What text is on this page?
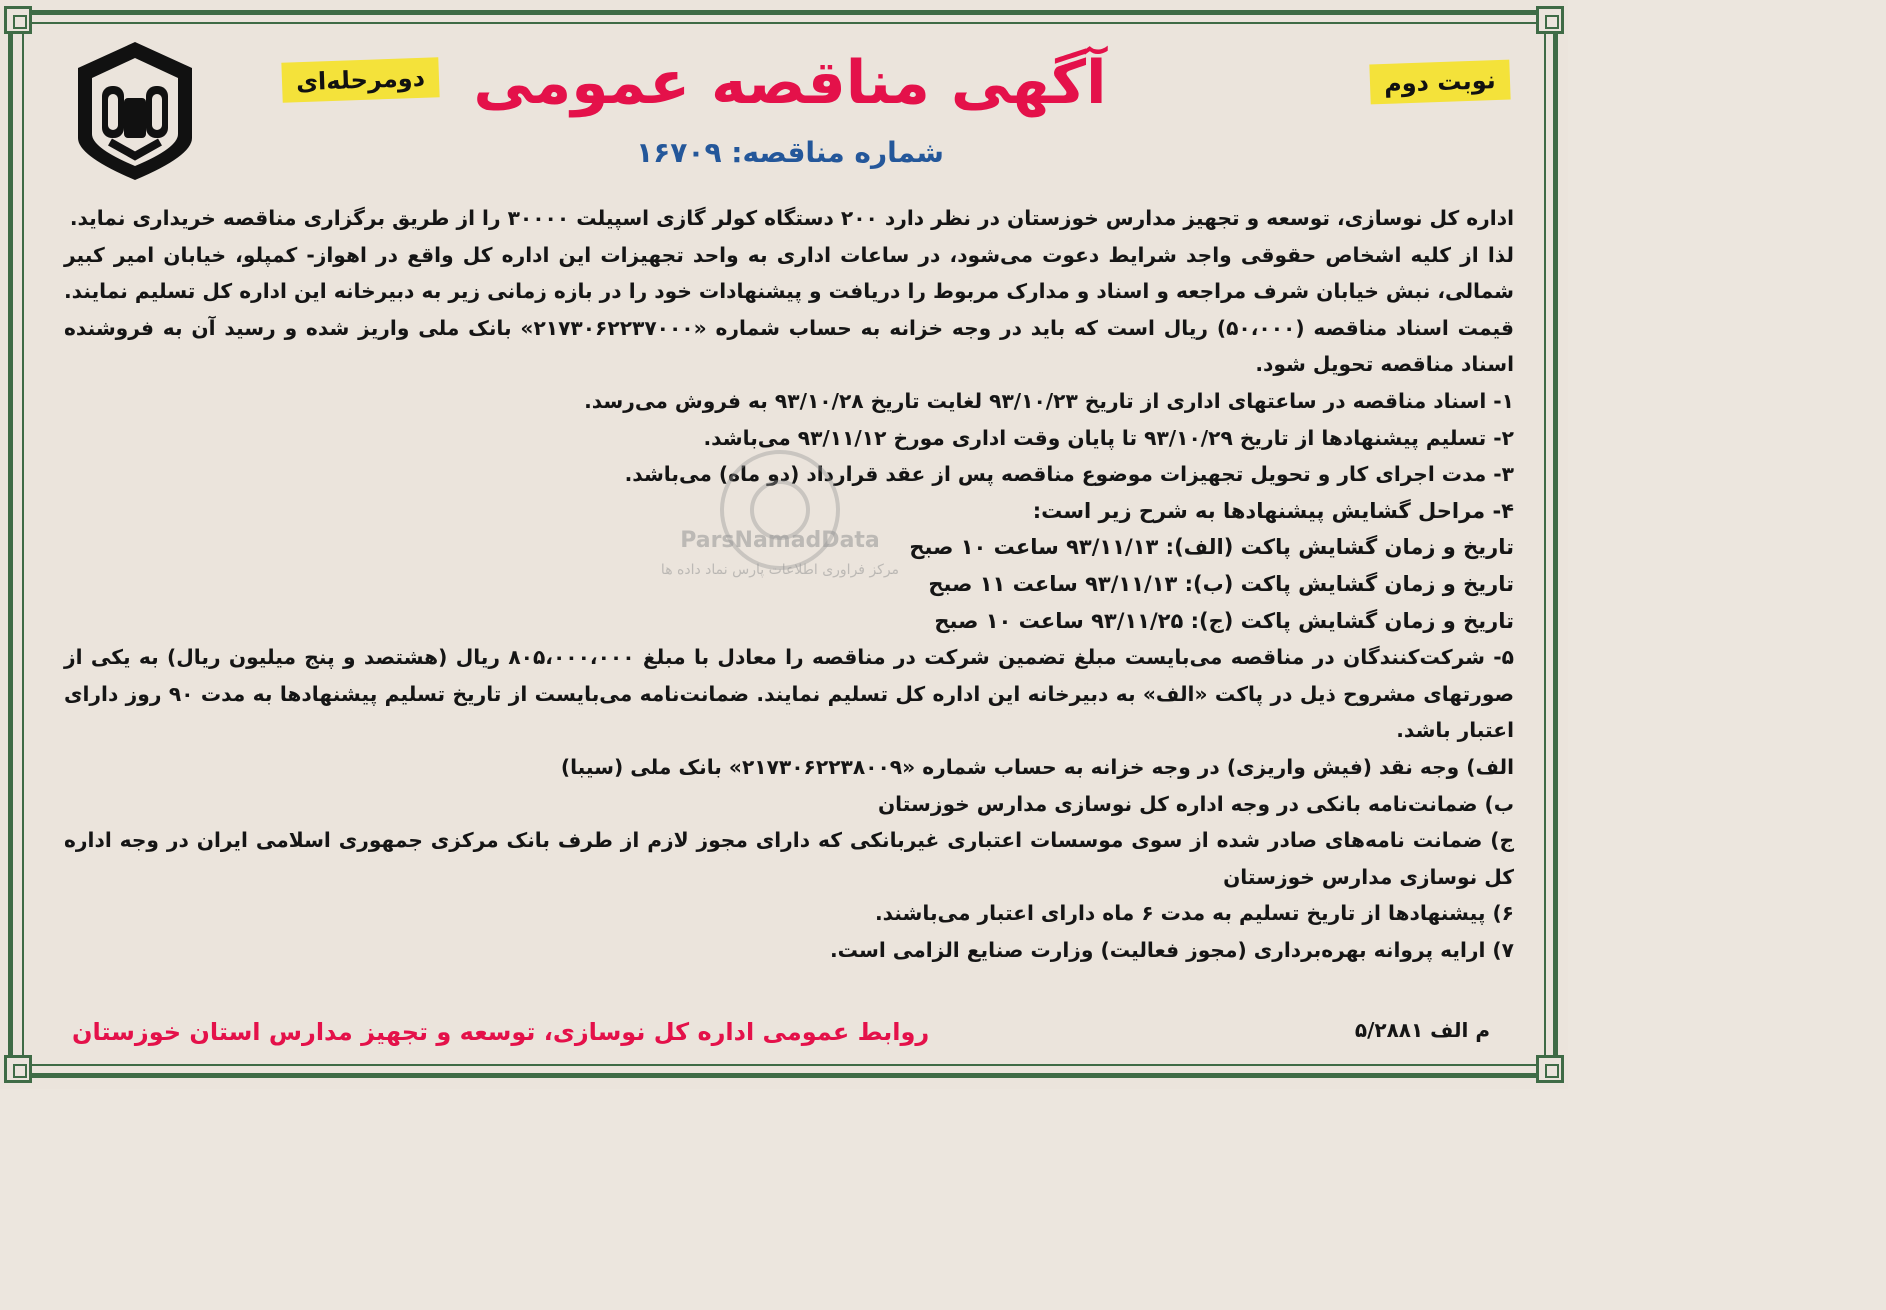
دومرحله‌ای	نوبت دوم
آگهی مناقصه عمومی
شماره مناقصه: ۱۶۷۰۹

اداره کل نوسازی، توسعه و تجهیز مدارس خوزستان در نظر دارد ۲۰۰ دستگاه کولر گازی اسپیلت ۳۰۰۰۰ را از طریق برگزاری مناقصه خریداری نماید.

لذا از کلیه اشخاص حقوقی واجد شرایط دعوت می‌شود، در ساعات اداری به واحد تجهیزات این اداره کل واقع در اهواز- کمپلو، خیابان امیر کبیر شمالی، نبش خیابان شرف مراجعه و اسناد و مدارک مربوط را دریافت و پیشنهادات خود را در بازه زمانی زیر به دبیرخانه این اداره کل تسلیم نمایند. قیمت اسناد مناقصه (۵۰،۰۰۰) ریال است که باید در وجه خزانه به حساب شماره «۲۱۷۳۰۶۲۲۳۷۰۰۰» بانک ملی واریز شده و رسید آن به فروشنده اسناد مناقصه تحویل شود.

۱- اسناد مناقصه در ساعتهای اداری از تاریخ ۹۳/۱۰/۲۳ لغایت تاریخ ۹۳/۱۰/۲۸ به فروش می‌رسد.

۲- تسلیم پیشنهادها از تاریخ ۹۳/۱۰/۲۹ تا پایان وقت اداری مورخ ۹۳/۱۱/۱۲ می‌باشد.

۳- مدت اجرای کار و تحویل تجهیزات موضوع مناقصه پس از عقد قرارداد (دو ماه) می‌باشد.

۴- مراحل گشایش پیشنهادها به شرح زیر است:

تاریخ و زمان گشایش پاکت (الف): ۹۳/۱۱/۱۳ ساعت ۱۰ صبح

تاریخ و زمان گشایش پاکت (ب): ۹۳/۱۱/۱۳ ساعت ۱۱ صبح

تاریخ و زمان گشایش پاکت (ج): ۹۳/۱۱/۲۵ ساعت ۱۰ صبح

۵- شرکت‌کنندگان در مناقصه می‌بایست مبلغ تضمین شرکت در مناقصه را معادل با مبلغ ۸۰۵،۰۰۰،۰۰۰ ریال (هشتصد و پنج میلیون ریال) به یکی از صورتهای مشروح ذیل در پاکت «الف» به دبیرخانه این اداره کل تسلیم نمایند. ضمانت‌نامه می‌بایست از تاریخ تسلیم پیشنهادها به مدت ۹۰ روز دارای اعتبار باشد.

الف) وجه نقد (فیش واریزی) در وجه خزانه به حساب شماره «۲۱۷۳۰۶۲۲۳۸۰۰۹» بانک ملی (سیبا)

ب) ضمانت‌نامه بانکی در وجه اداره کل نوسازی مدارس خوزستان

ج) ضمانت نامه‌های صادر شده از سوی موسسات اعتباری غیربانکی که دارای مجوز لازم از طرف بانک مرکزی جمهوری اسلامی ایران در وجه اداره کل نوسازی مدارس خوزستان

۶) پیشنهادها از تاریخ تسلیم به مدت ۶ ماه دارای اعتبار می‌باشند.

۷) ارایه پروانه بهره‌برداری (مجوز فعالیت) وزارت صنایع الزامی است.

ParsNamadData
مرکز فراوری اطلاعات پارس نماد داده ها
م الف ۵/۲۸۸۱
روابط عمومی اداره کل نوسازی، توسعه و تجهیز مدارس استان خوزستان
